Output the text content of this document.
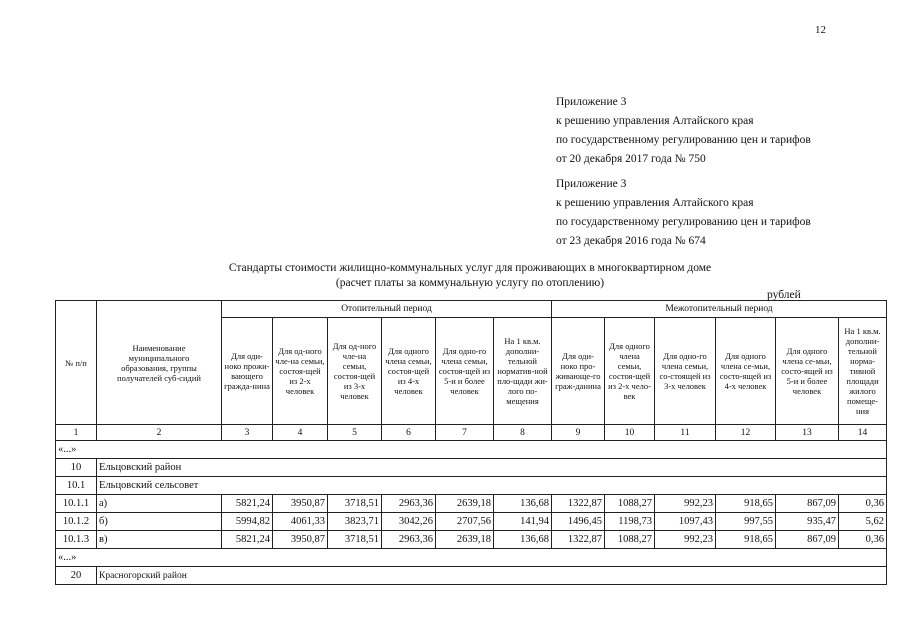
12
Приложение 3
к решению управления Алтайского края
по государственному регулированию цен и тарифов
от 20 декабря 2017 года № 750
Приложение 3
к решению управления Алтайского края
по государственному регулированию цен и тарифов
от 23 декабря 2016 года № 674
Стандарты стоимости жилищно-коммунальных услуг для проживающих в многоквартирном доме
(расчет платы за коммунальную услугу по отоплению)
рублей
№ п/п	Наименование муниципального образования, группы получателей суб-сидий	Отопительный период						Межотопительный период					
		Для оди-ноко прожи-вающего гражда-нина	Для од-ного чле-на семьи, состоя-щей из 2-х человек	Для од-ного чле-на семьи, состоя-щей из 3-х человек	Для одного члена семьи, состоя-щей из 4-х человек	Для одно-го члена семьи, состоя-щей из 5-и и более человек	На 1 кв.м. дополни-тельной норматив-ной пло-щади жи-лого по-мещения	Для оди-ноко про-живающе-го граж-данина	Для одного члена семьи, состоя-щей из 2-х чело-век	Для одно-го члена семьи, со-стоящей из 3-х человек	Для одного члена се-мьи, состо-ящей из 4-х человек	Для одного члена се-мьи, состо-ящей из 5-и и более человек	На 1 кв.м. дополни-тельной норма-тивной площади жилого помеще-ния
1	2	3	4	5	6	7	8	9	10	11	12	13	14
«...»													
10	Ельцовский район												
10.1	Ельцовский сельсовет												
10.1.1	а)	5821,24	3950,87	3718,51	2963,36	2639,18	136,68	1322,87	1088,27	992,23	918,65	867,09	0,36
10.1.2	б)	5994,82	4061,33	3823,71	3042,26	2707,56	141,94	1496,45	1198,73	1097,43	997,55	935,47	5,62
10.1.3	в)	5821,24	3950,87	3718,51	2963,36	2639,18	136,68	1322,87	1088,27	992,23	918,65	867,09	0,36
«...»													
20	Красногорский район												
